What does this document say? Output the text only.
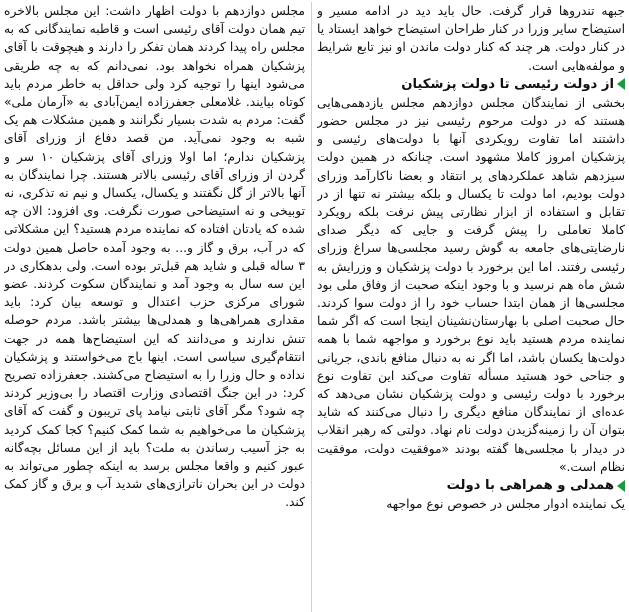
جبهه تندروها قرار گرفت. حال باید دید در ادامه مسیر و استیضاح سایر وزرا در کنار طراحان استیضاح خواهد ایستاد یا در کنار دولت. هر چند که کنار دولت ماندن او نیز تابع شرایط و مولفه‌هایی است.

از دولت رئیسی تا دولت پزشکیان

بخشی از نمایندگان مجلس دوازدهم مجلس یازدهمی‌هایی هستند که در دولت مرحوم رئیسی نیز در مجلس حضور داشتند اما تفاوت رویکردی آنها با دولت‌های رئیسی و پزشکیان امروز کاملا مشهود است. چنانکه در همین دولت سیزدهم شاهد عملکردهای پر انتقاد و بعضا ناکارآمد وزرای دولت بودیم، اما دولت تا یکسال و بلکه بیشتر نه تنها از در تقابل و استفاده از ابزار نظارتی پیش نرفت بلکه رویکرد کاملا تعاملی را پیش گرفت و جایی که دیگر صدای نارضایتی‌های جامعه به گوش رسید مجلسی‌ها سراغ وزرای رئیسی رفتند. اما این برخورد با دولت پزشکیان و وزرایش به شش ماه هم نرسید و با وجود اینکه صحبت از وفاق ملی بود مجلسی‌ها از همان ابتدا حساب خود را از دولت سوا کردند. حال صحبت اصلی با بهارستان‌نشینان اینجا است که اگر شما نماینده مردم هستید باید نوع برخورد و مواجهه شما با همه دولت‌ها یکسان باشد، اما اگر نه به دنبال منافع باندی، جریانی و جناحی خود هستید مسأله تفاوت می‌کند این تفاوت نوع برخورد با دولت رئیسی و دولت پزشکیان نشان می‌دهد که عده‌ای از نمایندگان منافع دیگری را دنبال می‌کنند که شاید بتوان آن را زمینه‌گزیدن دولت نام نهاد. دولتی که رهبر انقلاب در دیدار با مجلسی‌ها گفته بودند «موفقیت دولت، موفقیت نظام است.»

همدلی و همراهی با دولت

یک نماینده ادوار مجلس در خصوص نوع مواجهه

مجلس دوازدهم با دولت اظهار داشت: این مجلس بالاخره تیم همان دولت آقای رئیسی است و قاطبه نمایندگانی که به مجلس راه پیدا کردند همان تفکر را دارند و هیچوقت با آقای پزشکیان همراه نخواهد بود. نمی‌دانم که به چه طریقی می‌شود اینها را توجیه کرد ولی حداقل به خاطر مردم باید کوتاه بیایند. غلامعلی جعفرزاده ایمن‌آبادی به «آرمان ملی» گفت: مردم به شدت بسیار نگرانند و همین مشکلات هم یک شبه به وجود نمی‌آید. من قصد دفاع از وزرای آقای پزشکیان ندارم؛ اما اولا وزرای آقای پزشکیان ۱۰ سر و گردن از وزرای آقای رئیسی بالاتر هستند. چرا نمایندگان به آنها بالاتر از گل نگفتند و یکسال، یکسال و نیم نه تذکری، نه توبیخی و نه استیضاحی صورت نگرفت. وی افزود: الان چه شده که یادتان افتاده که نماینده مردم هستید؟ این مشکلاتی که در آب، برق و گاز و... به وجود آمده حاصل همین دولت ۳ ساله قبلی و شاید هم قبل‌تر بوده است. ولی بدهکاری در این سه سال به وجود آمد و نمایندگان سکوت کردند. عضو شورای مرکزی حزب اعتدال و توسعه بیان کرد: باید مقداری همراهی‌ها و همدلی‌ها بیشتر باشد. مردم حوصله تنش ندارند و می‌دانند که این استیضاح‌ها همه در جهت انتقام‌گیری سیاسی است. اینها باج می‌خواستند و پزشکیان نداده و حال وزرا را به استیضاح می‌کشند. جعفرزاده تصریح کرد: در این جنگ اقتصادی وزارت اقتصاد را بی‌وزیر کردند چه شود؟ مگر آقای ثابتی نیامد پای تریبون و گفت که آقای پزشکیان ما می‌خواهیم به شما کمک کنیم؟ کجا کمک کردید به جز آسیب رساندن به ملت؟ باید از این مسائل بچه‌گانه عبور کنیم و واقعا مجلس برسد به اینکه چطور می‌تواند به دولت در این بحران ناترازی‌های شدید آب و برق و گاز کمک کند.
